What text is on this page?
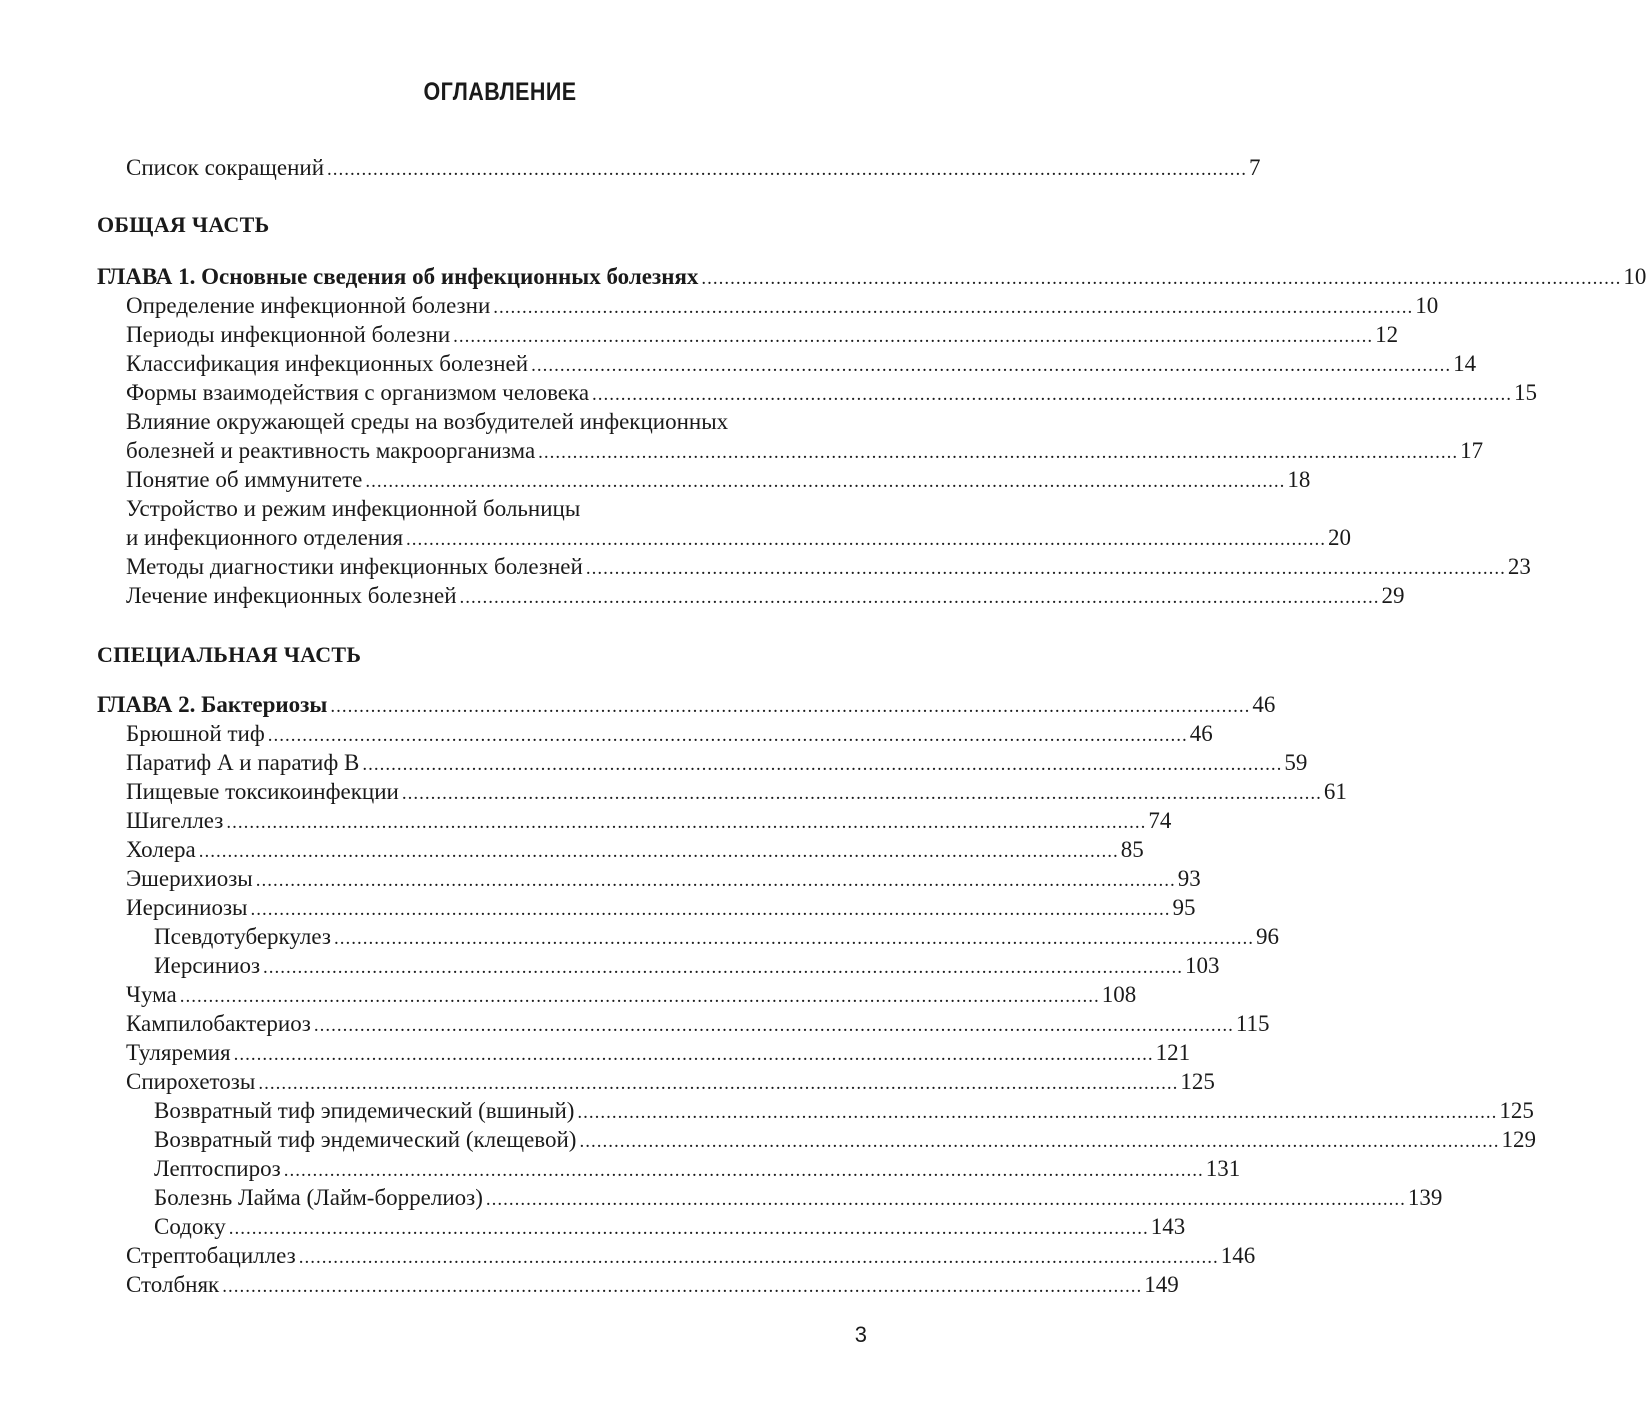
ОГЛАВЛЕНИЕ
Список сокращений ................................................................................................................................................................ 7
ОБЩАЯ ЧАСТЬ
ГЛАВА 1. Основные сведения об инфекционных болезнях ................................................................................................................................................................ 10
Определение инфекционной болезни ................................................................................................................................................................ 10
Периоды инфекционной болезни ................................................................................................................................................................ 12
Классификация инфекционных болезней ................................................................................................................................................................ 14
Формы взаимодействия с организмом человека ................................................................................................................................................................ 15
Влияние окружающей среды на возбудителей инфекционных
болезней и реактивность макроорганизма ................................................................................................................................................................ 17
Понятие об иммунитете ................................................................................................................................................................ 18
Устройство и режим инфекционной больницы
и инфекционного отделения ................................................................................................................................................................ 20
Методы диагностики инфекционных болезней ................................................................................................................................................................ 23
Лечение инфекционных болезней ................................................................................................................................................................ 29
СПЕЦИАЛЬНАЯ ЧАСТЬ
ГЛАВА 2. Бактериозы ................................................................................................................................................................ 46
Брюшной тиф ................................................................................................................................................................ 46
Паратиф А и паратиф В ................................................................................................................................................................ 59
Пищевые токсикоинфекции ................................................................................................................................................................ 61
Шигеллез ................................................................................................................................................................ 74
Холера ................................................................................................................................................................ 85
Эшерихиозы ................................................................................................................................................................ 93
Иерсиниозы ................................................................................................................................................................ 95
Псевдотуберкулез ................................................................................................................................................................ 96
Иерсиниоз ................................................................................................................................................................ 103
Чума ................................................................................................................................................................ 108
Кампилобактериоз ................................................................................................................................................................ 115
Туляремия ................................................................................................................................................................ 121
Спирохетозы ................................................................................................................................................................ 125
Возвратный тиф эпидемический (вшиный) ................................................................................................................................................................ 125
Возвратный тиф эндемический (клещевой) ................................................................................................................................................................ 129
Лептоспироз ................................................................................................................................................................ 131
Болезнь Лайма (Лайм-боррелиоз) ................................................................................................................................................................ 139
Содоку ................................................................................................................................................................ 143
Стрептобациллез ................................................................................................................................................................ 146
Столбняк ................................................................................................................................................................ 149
3
